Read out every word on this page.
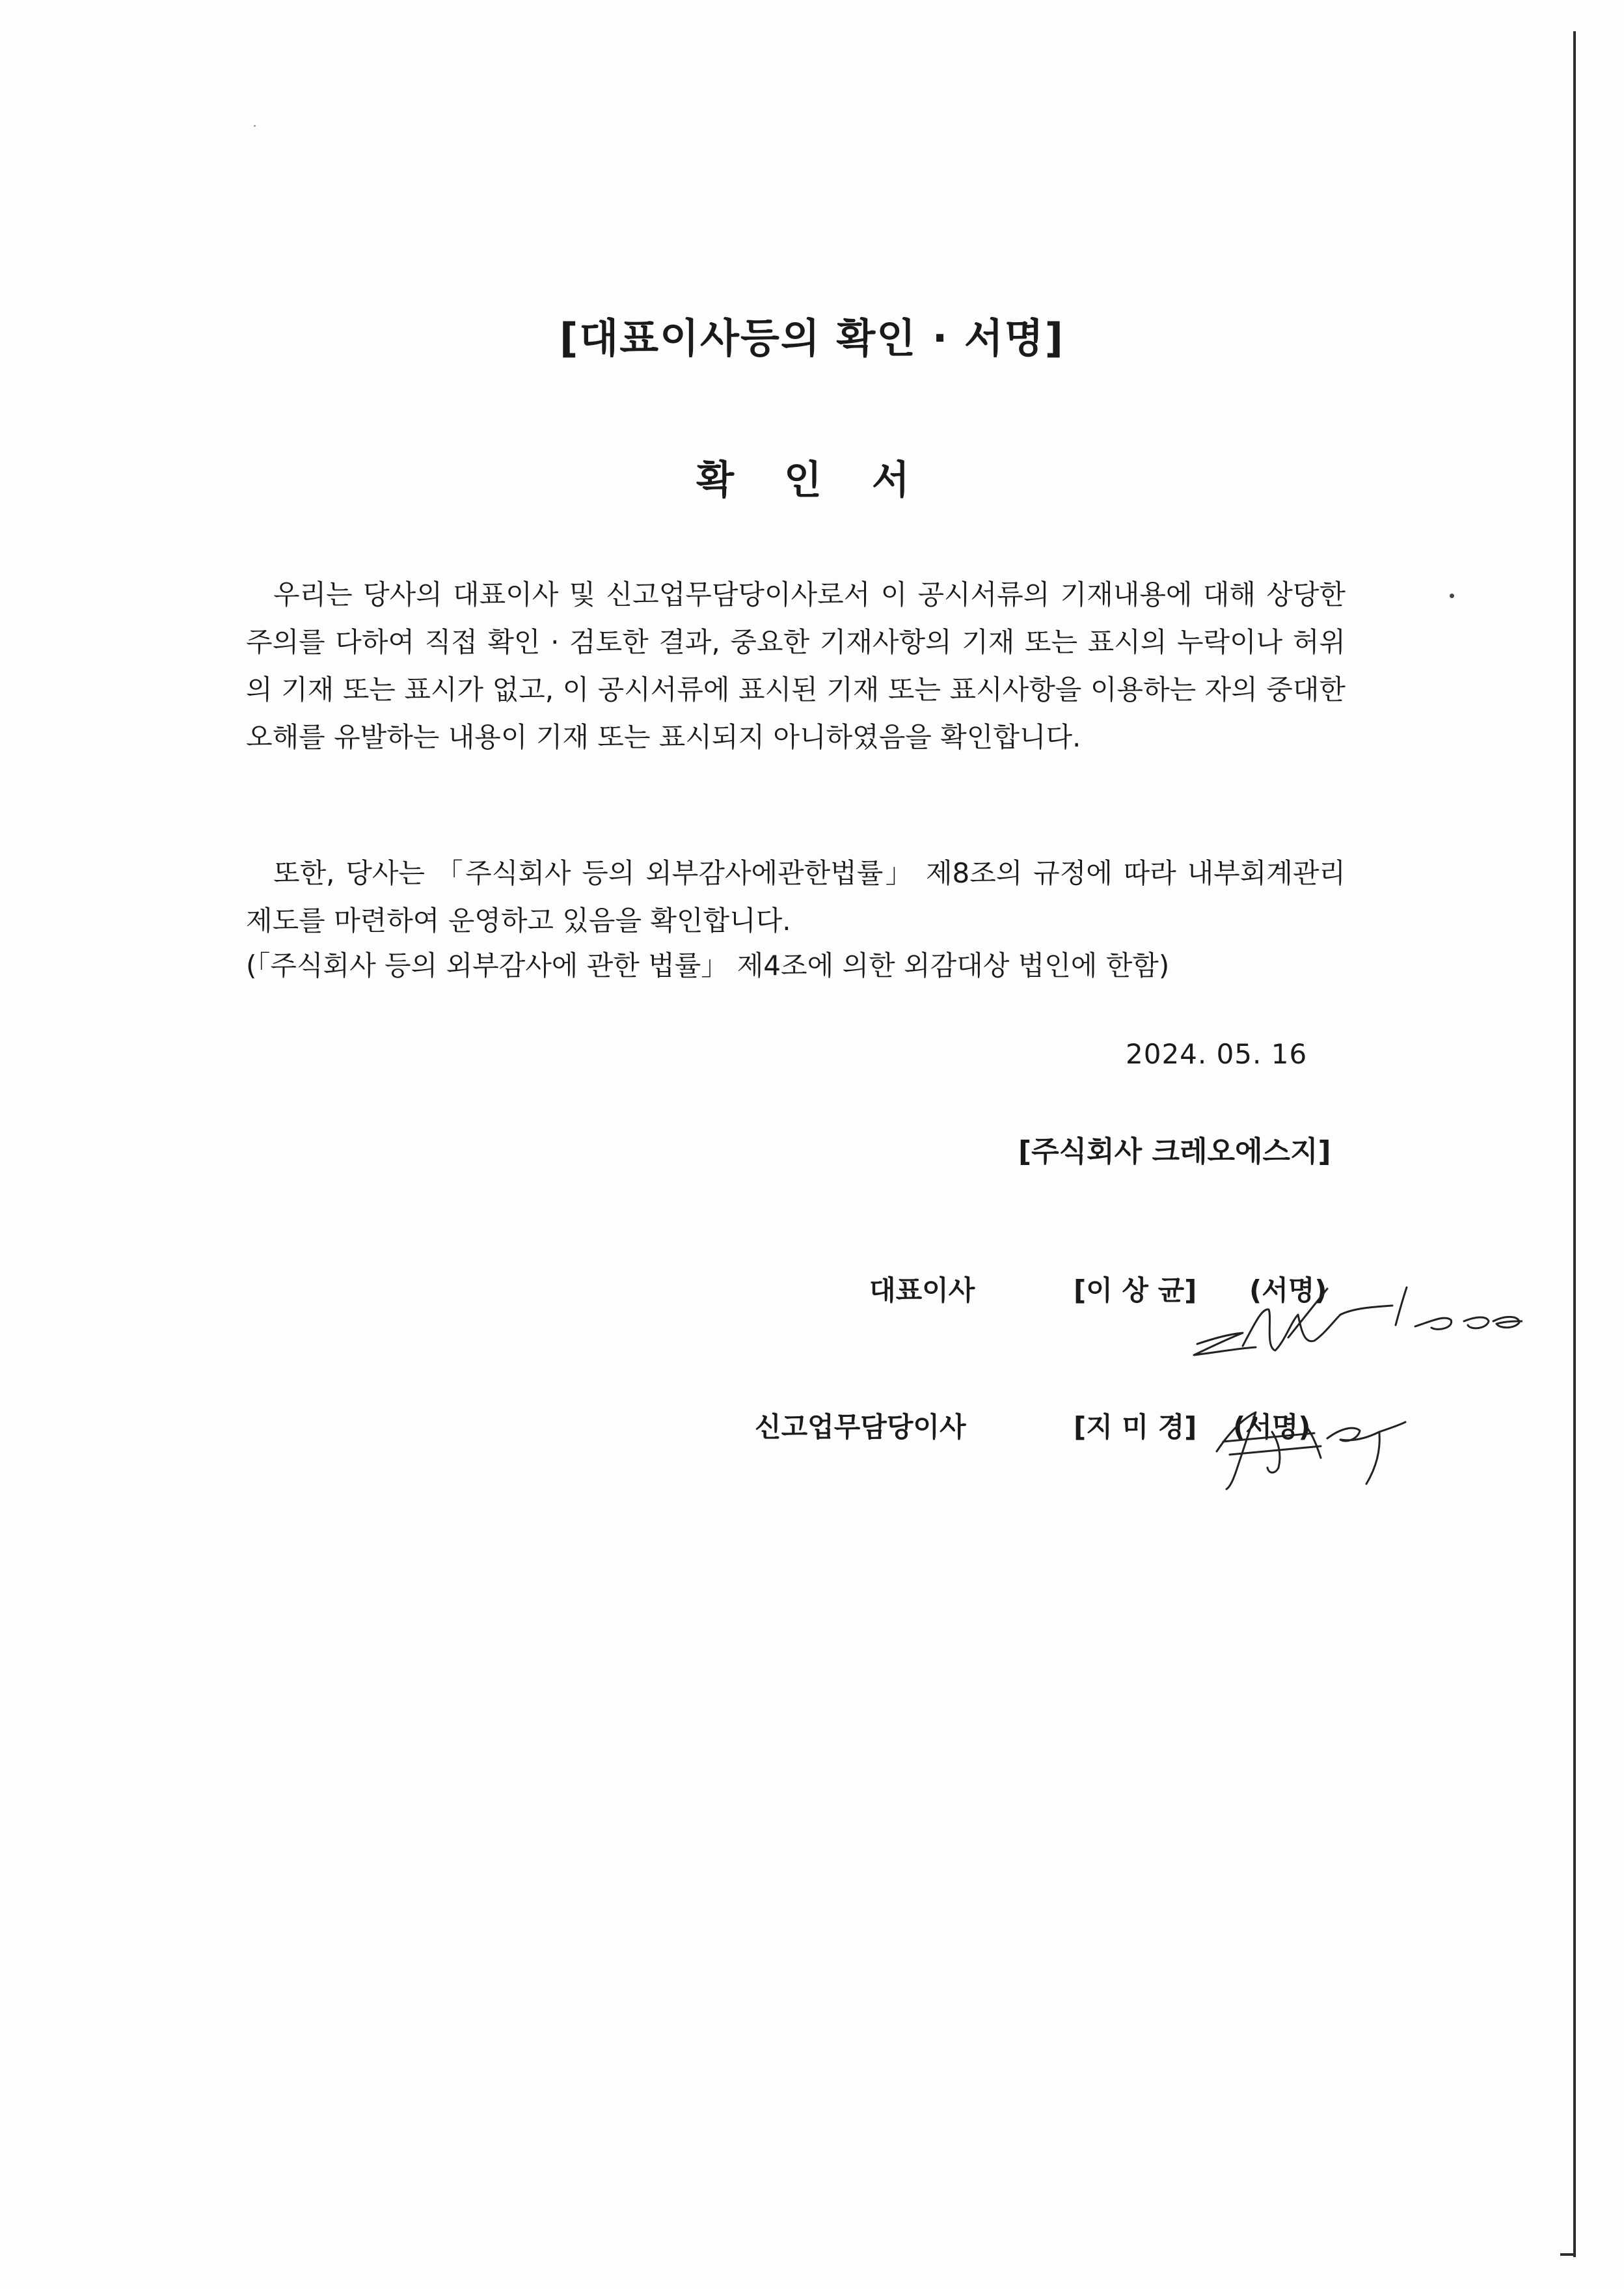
[대표이사등의 확인 · 서명]
확 인 서
우리는 당사의 대표이사 및 신고업무담당이사로서 이 공시서류의 기재내용에 대해 상당한 주의를 다하여 직접 확인 · 검토한 결과, 중요한 기재사항의 기재 또는 표시의 누락이나 허위의 기재 또는 표시가 없고, 이 공시서류에 표시된 기재 또는 표시사항을 이용하는 자의 중대한 오해를 유발하는 내용이 기재 또는 표시되지 아니하였음을 확인합니다.
또한, 당사는 「주식회사 등의 외부감사에관한법률」 제8조의 규정에 따라 내부회계관리제도를 마련하여 운영하고 있음을 확인합니다.
(「주식회사 등의 외부감사에 관한 법률」 제4조에 의한 외감대상 법인에 한함)
2024. 05. 16
[주식회사 크레오에스지]
대표이사	[이 상 균] (서명)
신고업무담당이사	[지 미 경] (서명)
